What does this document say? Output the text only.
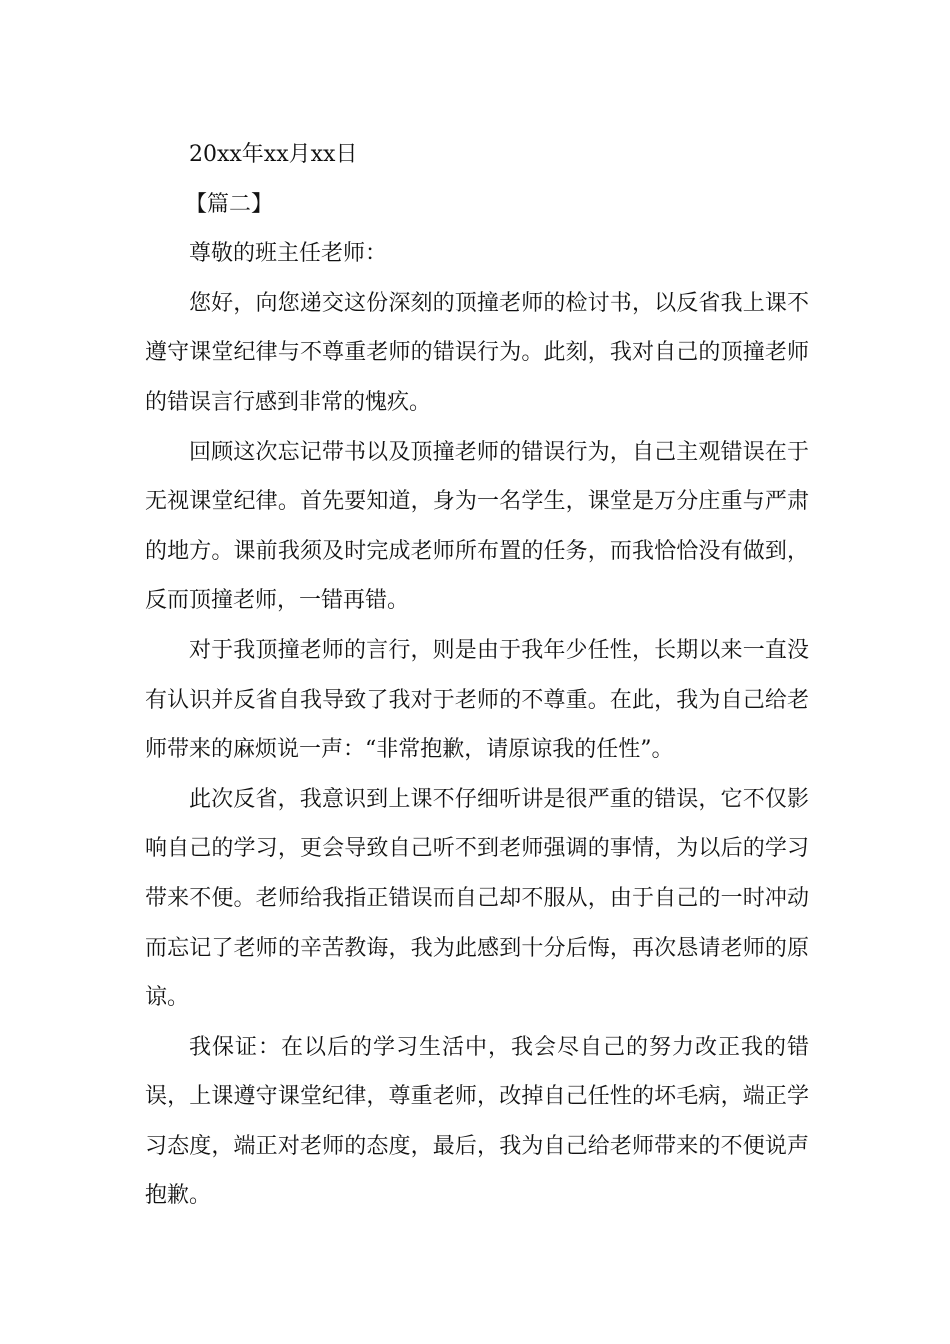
20xx年xx月xx日
【篇二】
尊敬的班主任老师：

您好，向您递交这份深刻的顶撞老师的检讨书，以反省我上课不遵守课堂纪律与不尊重老师的错误行为。此刻，我对自己的顶撞老师的错误言行感到非常的愧疚。

回顾这次忘记带书以及顶撞老师的错误行为，自己主观错误在于无视课堂纪律。首先要知道，身为一名学生，课堂是万分庄重与严肃的地方。课前我须及时完成老师所布置的任务，而我恰恰没有做到，反而顶撞老师，一错再错。

对于我顶撞老师的言行，则是由于我年少任性，长期以来一直没有认识并反省自我导致了我对于老师的不尊重。在此，我为自己给老师带来的麻烦说一声：“非常抱歉，请原谅我的任性”。

此次反省，我意识到上课不仔细听讲是很严重的错误，它不仅影响自己的学习，更会导致自己听不到老师强调的事情，为以后的学习带来不便。老师给我指正错误而自己却不服从，由于自己的一时冲动而忘记了老师的辛苦教诲，我为此感到十分后悔，再次恳请老师的原谅。

我保证：在以后的学习生活中，我会尽自己的努力改正我的错误，上课遵守课堂纪律，尊重老师，改掉自己任性的坏毛病，端正学习态度，端正对老师的态度，最后，我为自己给老师带来的不便说声抱歉。
